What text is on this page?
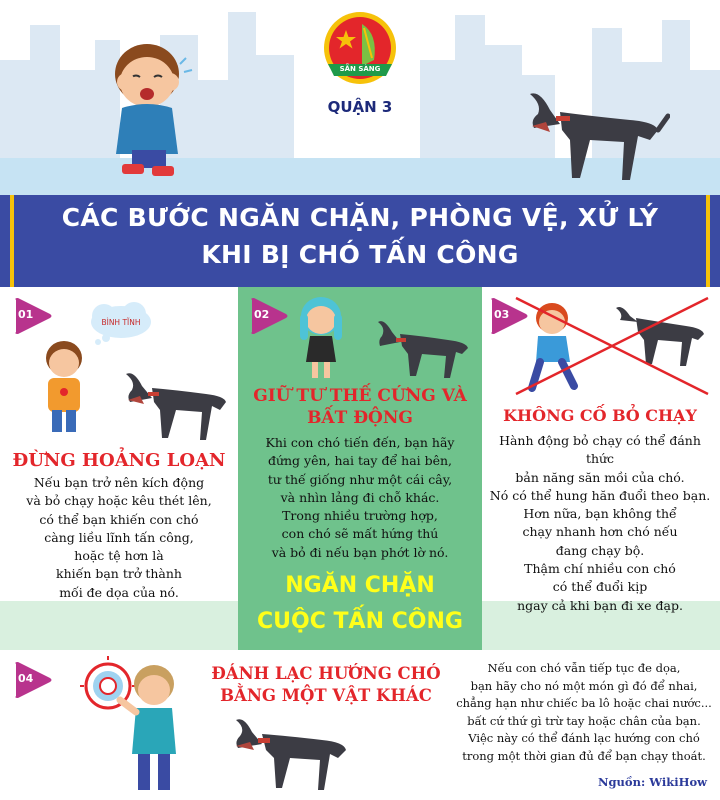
SẴN SÀNG
QUẬN 3
CÁC BƯỚC NGĂN CHẶN, PHÒNG VỆ, XỬ LÝ
KHI BỊ CHÓ TẤN CÔNG
01
BÌNH TĨNH
ĐỪNG HOẢNG LOẠN
Nếu bạn trở nên kích động
và bỏ chạy hoặc kêu thét lên,
có thể bạn khiến con chó
càng liều lĩnh tấn công,
hoặc tệ hơn là
khiến bạn trở thành
mối đe dọa của nó.
02
GIỮ TƯ THẾ CỨNG VÀ
BẤT ĐỘNG
Khi con chó tiến đến, bạn hãy
đứng yên, hai tay để hai bên,
tư thế giống như một cái cây,
và nhìn lảng đi chỗ khác.
Trong nhiều trường hợp,
con chó sẽ mất hứng thú
và bỏ đi nếu bạn phớt lờ nó.
03
KHÔNG CỐ BỎ CHẠY
Hành động bỏ chạy có thể đánh thức
bản năng săn mồi của chó.
Nó có thể hung hăn đuổi theo bạn.
Hơn nữa, bạn không thể
chạy nhanh hơn chó nếu
đang chạy bộ.
Thậm chí nhiều con chó
có thể đuổi kịp
ngay cả khi bạn đi xe đạp.
NGĂN CHẶN
CUỘC TẤN CÔNG
04	ĐÁNH LẠC HƯỚNG CHÓ
BẰNG MỘT VẬT KHÁC
Nếu con chó vẫn tiếp tục đe dọa,
bạn hãy cho nó một món gì đó để nhai,
chẳng hạn như chiếc ba lô hoặc chai nước...
bất cứ thứ gì trừ tay hoặc chân của bạn.
Việc này có thể đánh lạc hướng con chó
trong một thời gian đủ để bạn chạy thoát.
Nguồn: WikiHow
